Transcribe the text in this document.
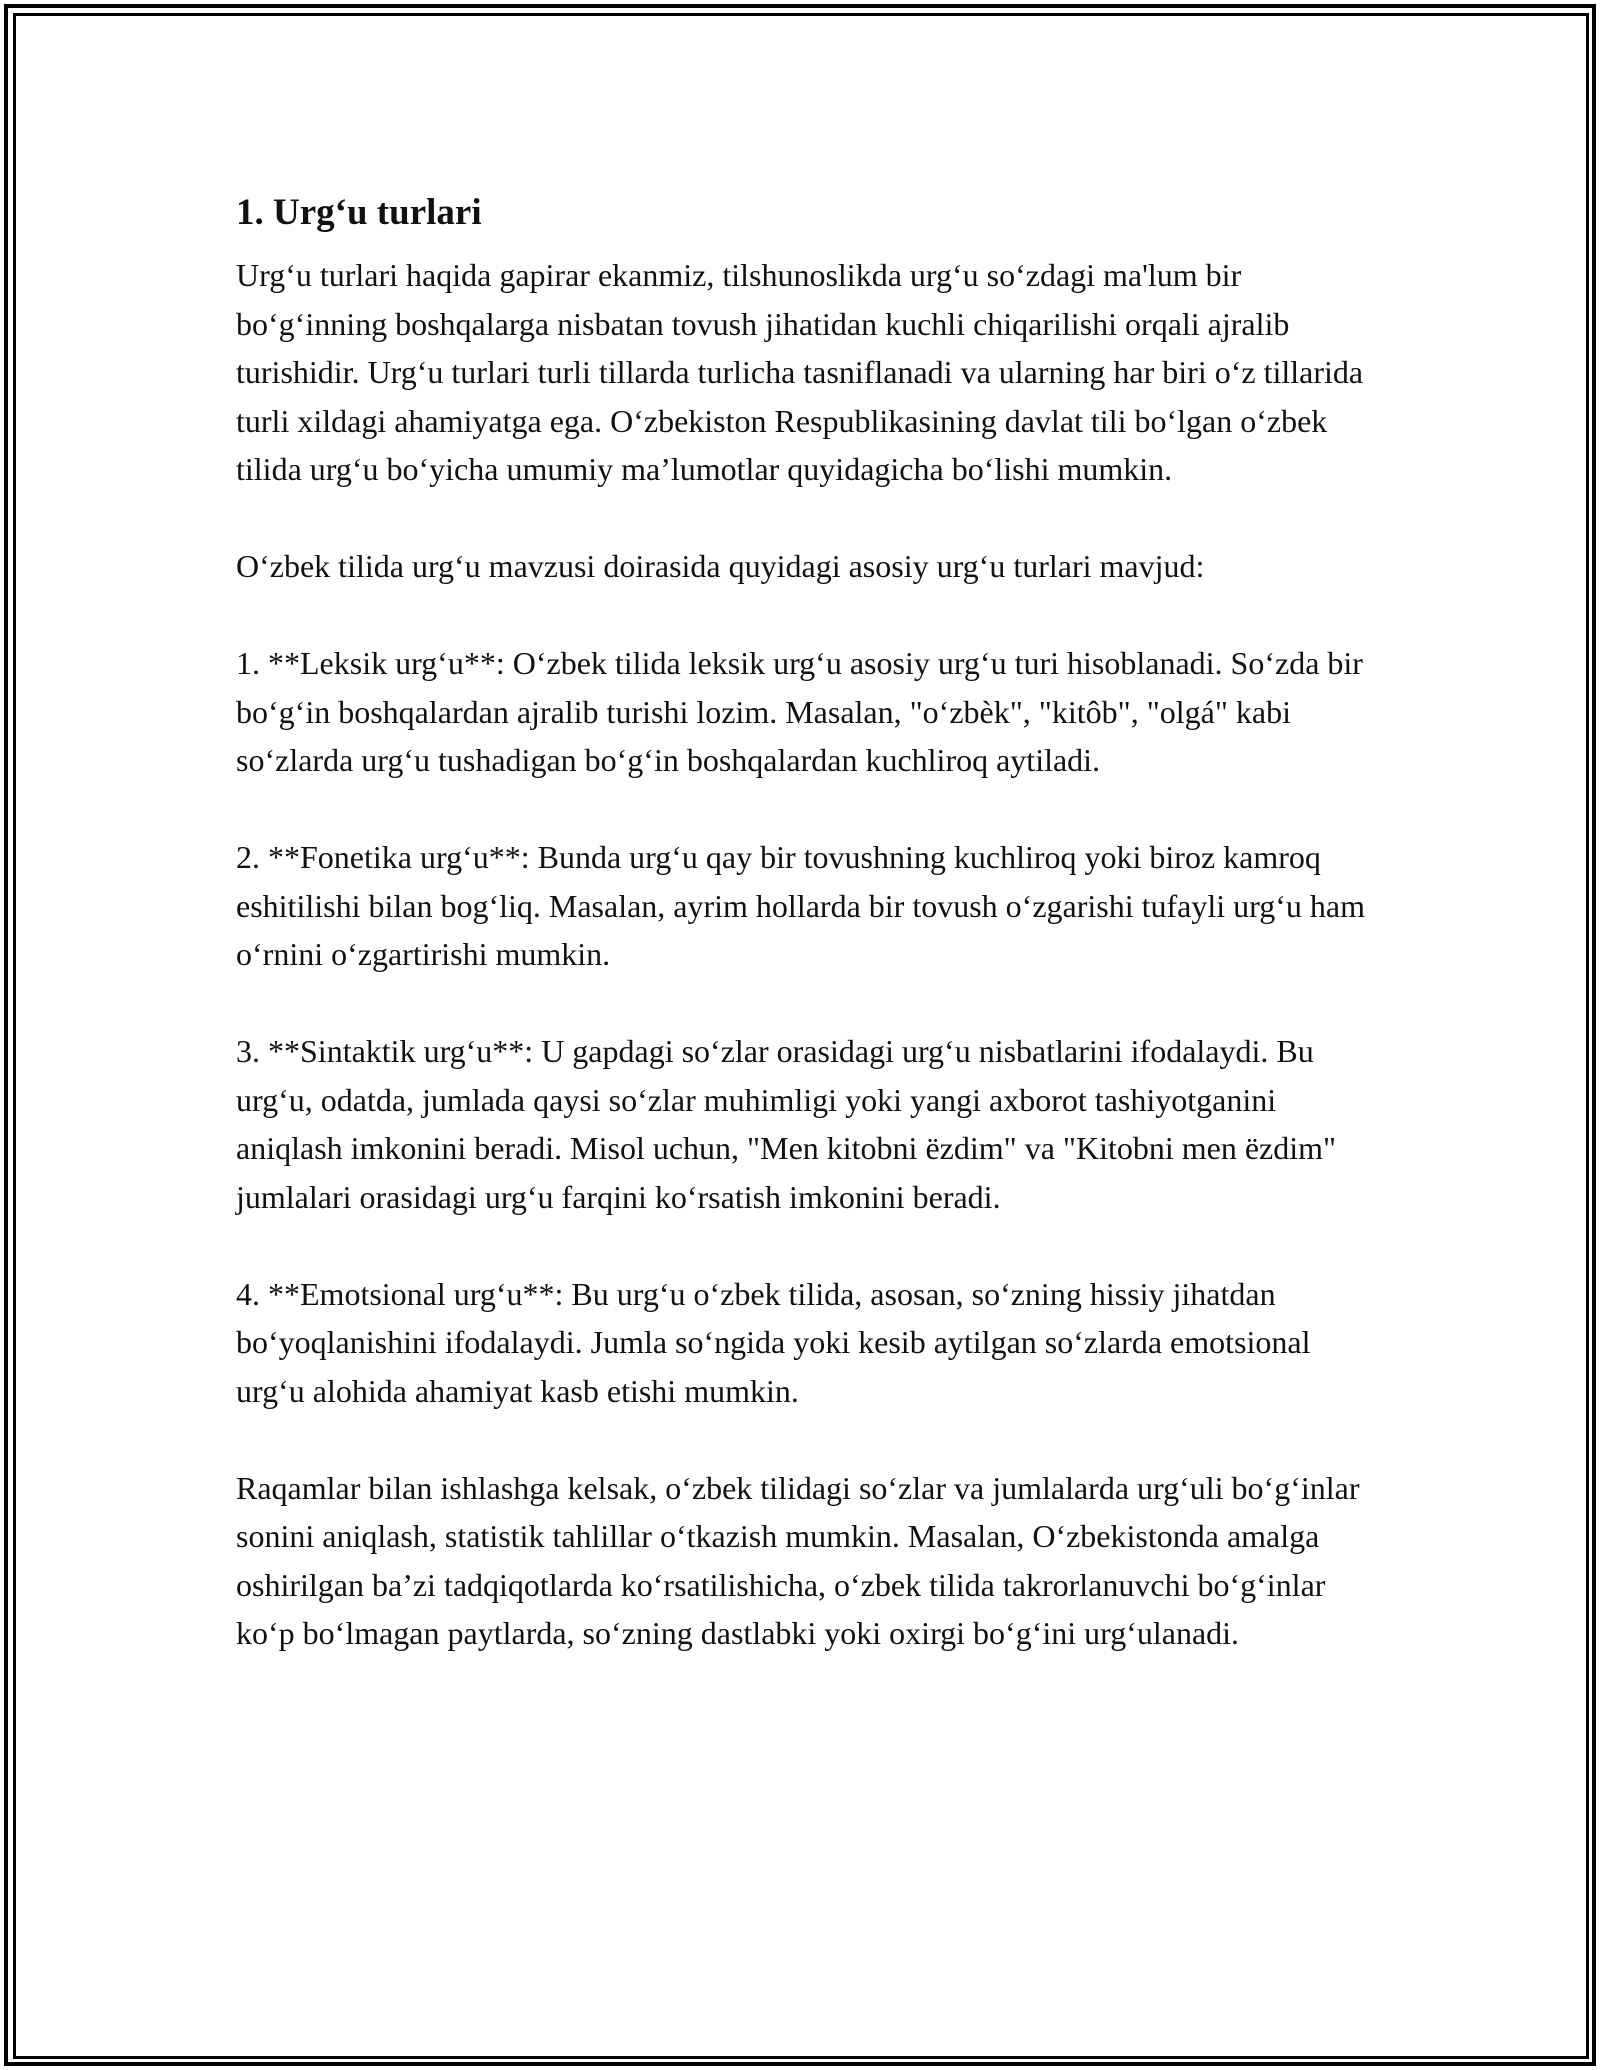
1. Urg‘u turlari

Urg‘u turlari haqida gapirar ekanmiz, tilshunoslikda urg‘u so‘zdagi ma'lum bir bo‘g‘inning boshqalarga nisbatan tovush jihatidan kuchli chiqarilishi orqali ajralib turishidir. Urg‘u turlari turli tillarda turlicha tasniflanadi va ularning har biri o‘z tillarida turli xildagi ahamiyatga ega. O‘zbekiston Respublikasining davlat tili bo‘lgan o‘zbek tilida urg‘u bo‘yicha umumiy ma’lumotlar quyidagicha bo‘lishi mumkin.

O‘zbek tilida urg‘u mavzusi doirasida quyidagi asosiy urg‘u turlari mavjud:

1. **Leksik urg‘u**: O‘zbek tilida leksik urg‘u asosiy urg‘u turi hisoblanadi. So‘zda bir bo‘g‘in boshqalardan ajralib turishi lozim. Masalan, "o‘zbèk", "kitôb", "olgá" kabi so‘zlarda urg‘u tushadigan bo‘g‘in boshqalardan kuchliroq aytiladi.

2. **Fonetika urg‘u**: Bunda urg‘u qay bir tovushning kuchliroq yoki biroz kamroq eshitilishi bilan bog‘liq. Masalan, ayrim hollarda bir tovush o‘zgarishi tufayli urg‘u ham o‘rnini o‘zgartirishi mumkin.

3. **Sintaktik urg‘u**: U gapdagi so‘zlar orasidagi urg‘u nisbatlarini ifodalaydi. Bu urg‘u, odatda, jumlada qaysi so‘zlar muhimligi yoki yangi axborot tashiyotganini aniqlash imkonini beradi. Misol uchun, "Men kitobni ëzdim" va "Kitobni men ëzdim" jumlalari orasidagi urg‘u farqini ko‘rsatish imkonini beradi.

4. **Emotsional urg‘u**: Bu urg‘u o‘zbek tilida, asosan, so‘zning hissiy jihatdan bo‘yoqlanishini ifodalaydi. Jumla so‘ngida yoki kesib aytilgan so‘zlarda emotsional urg‘u alohida ahamiyat kasb etishi mumkin.

Raqamlar bilan ishlashga kelsak, o‘zbek tilidagi so‘zlar va jumlalarda urg‘uli bo‘g‘inlar sonini aniqlash, statistik tahlillar o‘tkazish mumkin. Masalan, O‘zbekistonda amalga oshirilgan ba’zi tadqiqotlarda ko‘rsatilishicha, o‘zbek tilida takrorlanuvchi bo‘g‘inlar ko‘p bo‘lmagan paytlarda, so‘zning dastlabki yoki oxirgi bo‘g‘ini urg‘ulanadi.
